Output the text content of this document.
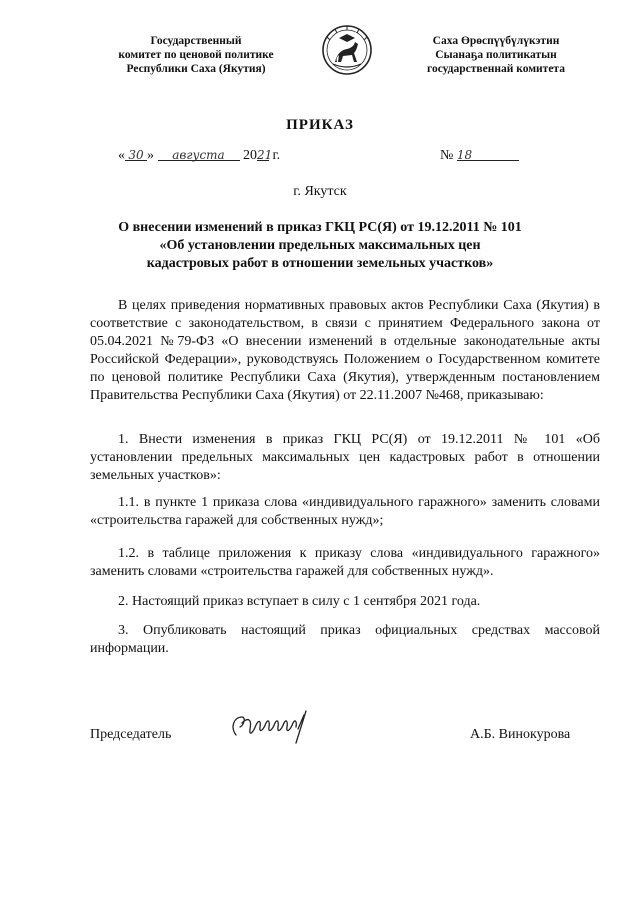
Государственный
комитет по ценовой политике
Республики Саха (Якутия)
Саха Өрөспүүбүлүкэтин
Сыанаҕа политикатын
государственнай комитета
ПРИКАЗ
« 30 » августа 2021 г.	№ 18
г. Якутск
О внесении изменений в приказ ГКЦ РС(Я) от 19.12.2011 № 101
«Об установлении предельных максимальных цен
кадастровых работ в отношении земельных участков»

В целях приведения нормативных правовых актов Республики Саха (Якутия) в соответствие с законодательством, в связи с принятием Федерального закона от 05.04.2021 №79-ФЗ «О внесении изменений в отдельные законодательные акты Российской Федерации», руководствуясь Положением о Государственном комитете по ценовой политике Республики Саха (Якутия), утвержденным постановлением Правительства Республики Саха (Якутия) от 22.11.2007 №468, приказываю:

1. Внести изменения в приказ ГКЦ РС(Я) от 19.12.2011 № 101 «Об установлении предельных максимальных цен кадастровых работ в отношении земельных участков»:

1.1. в пункте 1 приказа слова «индивидуального гаражного» заменить словами «строительства гаражей для собственных нужд»;

1.2. в таблице приложения к приказу слова «индивидуального гаражного» заменить словами «строительства гаражей для собственных нужд».

2. Настоящий приказ вступает в силу с 1 сентября 2021 года.

3. Опубликовать настоящий приказ официальных средствах массовой информации.

Председатель	А.Б. Винокурова
